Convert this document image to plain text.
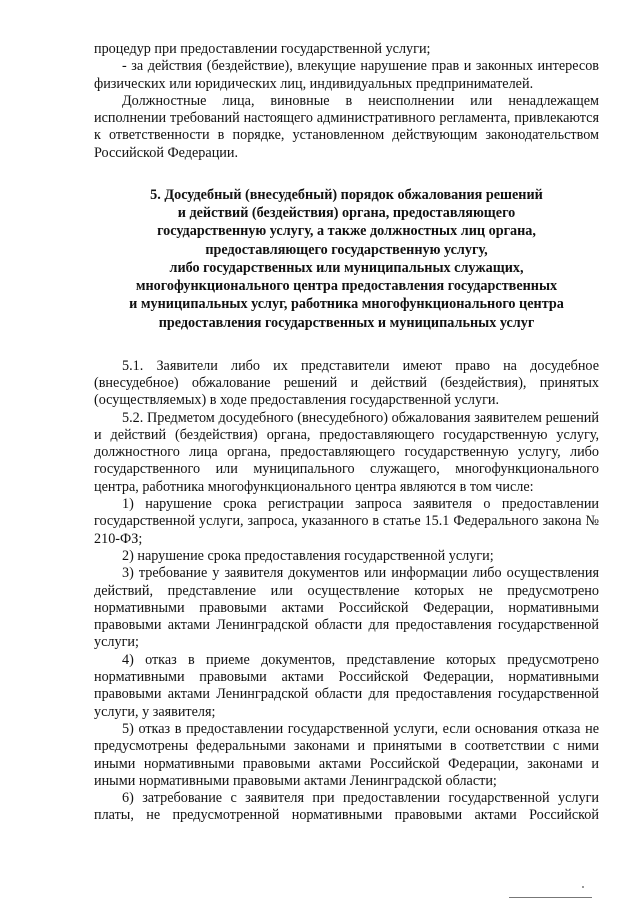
процедур при предоставлении государственной услуги;

- за действия (бездействие), влекущие нарушение прав и законных интересов физических или юридических лиц, индивидуальных предпринимателей.

Должностные лица, виновные в неисполнении или ненадлежащем исполнении требований настоящего административного регламента, привлекаются к ответственности в порядке, установленном действующим законодательством Российской Федерации.

5. Досудебный (внесудебный) порядок обжалования решений
и действий (бездействия) органа, предоставляющего
государственную услугу, а также должностных лиц органа,
предоставляющего государственную услугу,
либо государственных или муниципальных служащих,
многофункционального центра предоставления государственных
и муниципальных услуг, работника многофункционального центра
предоставления государственных и муниципальных услуг

5.1. Заявители либо их представители имеют право на досудебное (внесудебное) обжалование решений и действий (бездействия), принятых (осуществляемых) в ходе предоставления государственной услуги.

5.2. Предметом досудебного (внесудебного) обжалования заявителем решений и действий (бездействия) органа, предоставляющего государственную услугу, должностного лица органа, предоставляющего государственную услугу, либо государственного или муниципального служащего, многофункционального центра, работника многофункционального центра являются в том числе:

1) нарушение срока регистрации запроса заявителя о предоставлении государственной услуги, запроса, указанного в статье 15.1 Федерального закона № 210-ФЗ;

2) нарушение срока предоставления государственной услуги;

3) требование у заявителя документов или информации либо осуществления действий, представление или осуществление которых не предусмотрено нормативными правовыми актами Российской Федерации, нормативными правовыми актами Ленинградской области для предоставления государственной услуги;

4) отказ в приеме документов, представление которых предусмотрено нормативными правовыми актами Российской Федерации, нормативными правовыми актами Ленинградской области для предоставления государственной услуги, у заявителя;

5) отказ в предоставлении государственной услуги, если основания отказа не предусмотрены федеральными законами и принятыми в соответствии с ними иными нормативными правовыми актами Российской Федерации, законами и иными нормативными правовыми актами Ленинградской области;

6) затребование с заявителя при предоставлении государственной услуги платы, не предусмотренной нормативными правовыми актами Российской
